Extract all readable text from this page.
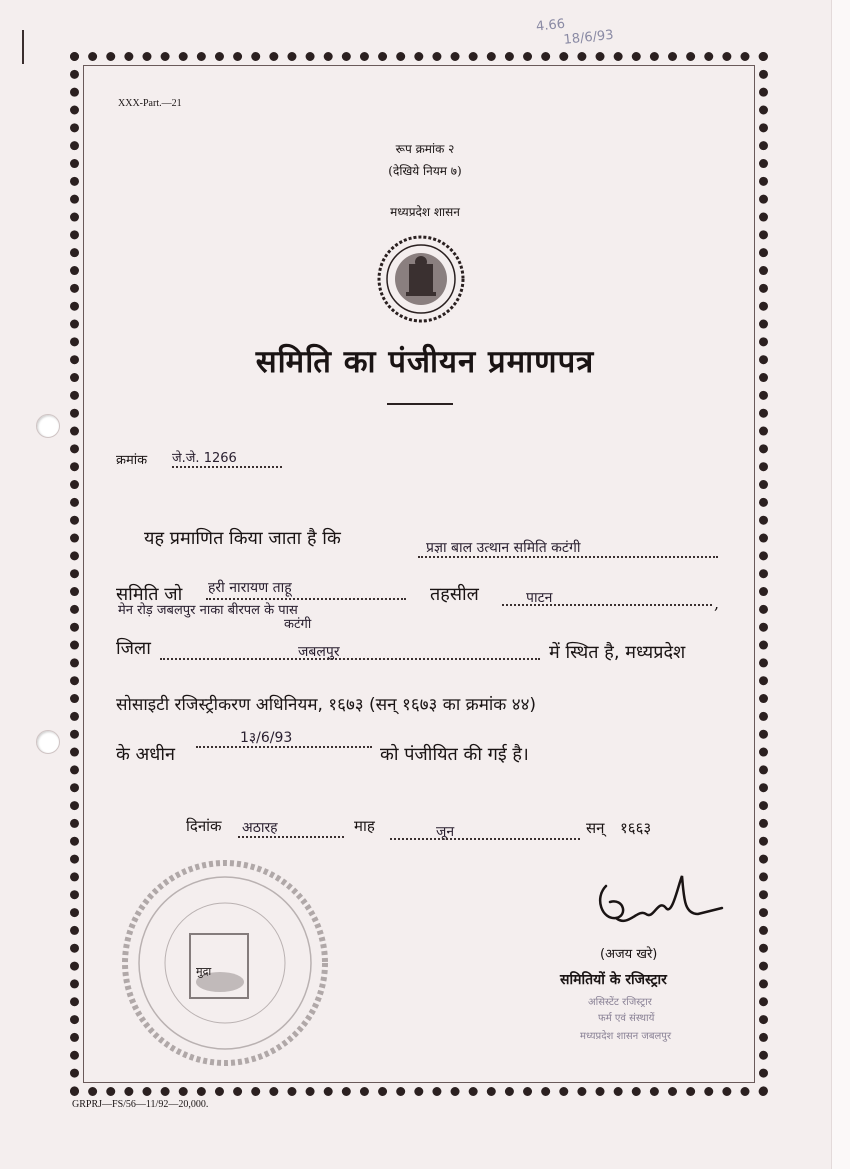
4.66
18/6/93
XXX-Part.—21
रूप क्रमांक २
(देखिये नियम ७)
मध्यप्रदेश शासन
समिति का पंजीयन प्रमाणपत्र
क्रमांक जे.जे. 1266
यह प्रमाणित किया जाता है कि	प्रज्ञा बाल उत्थान समिति कटंगी
समिति जो हरी नारायण ताहू	तहसील	पाटन	,
मेन रोड़ जबलपुर नाका बीरपल के पास
कटंगी
जिला	जबलपुर	में स्थित है, मध्यप्रदेश
सोसाइटी रजिस्ट्रीकरण अधिनियम, १६७३ (सन् १६७३ का क्रमांक ४४)
के अधीन
1३/6/93
को पंजीयित की गई है।
दिनांक अठारह	माह	जून	सन् १६६३
मुद्रा
(अजय खरे)
समितियों के रजिस्ट्रार
असिस्टेंट रजिस्ट्रार
फर्म एवं संस्थायें
मध्यप्रदेश शासन जबलपुर
GRPRJ—FS/56—11/92—20,000.
